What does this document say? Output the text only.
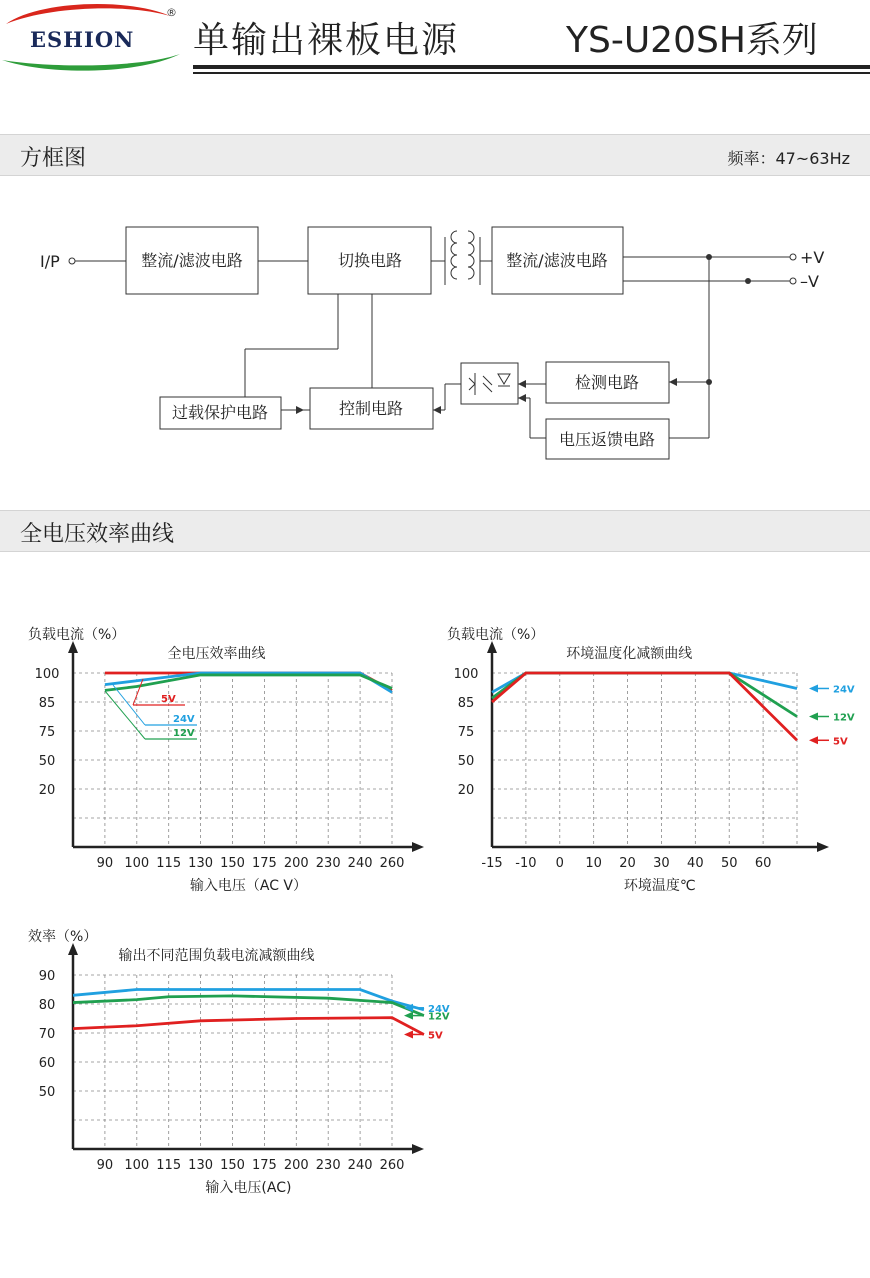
ESHION
®
单输出裸板电源	YS-U20SH系列
方框图	频率：47~63Hz
整流/滤波电路	切换电路	整流/滤波电路
过载保护电路	控制电路
检测电路
电压返馈电路
I/P	+V
–V
全电压效率曲线
100
85
75
50
20
90 100 115 130 150 175 200 230 240 260
全电压效率曲线
负载电流（%）
输入电压（AC V）
5V
24V
12V
100
85
75
50
20
-15 -10 0 10 20 30 40 50 60
环境温度化减额曲线
负载电流（%）
环境温度℃
24V
12V
5V
90
80
70
60
50
90 100 115 130 150 175 200 230 240 260
输出不同范围负载电流减额曲线
效率（%）
输入电压(AC)
24V
12V
5V
